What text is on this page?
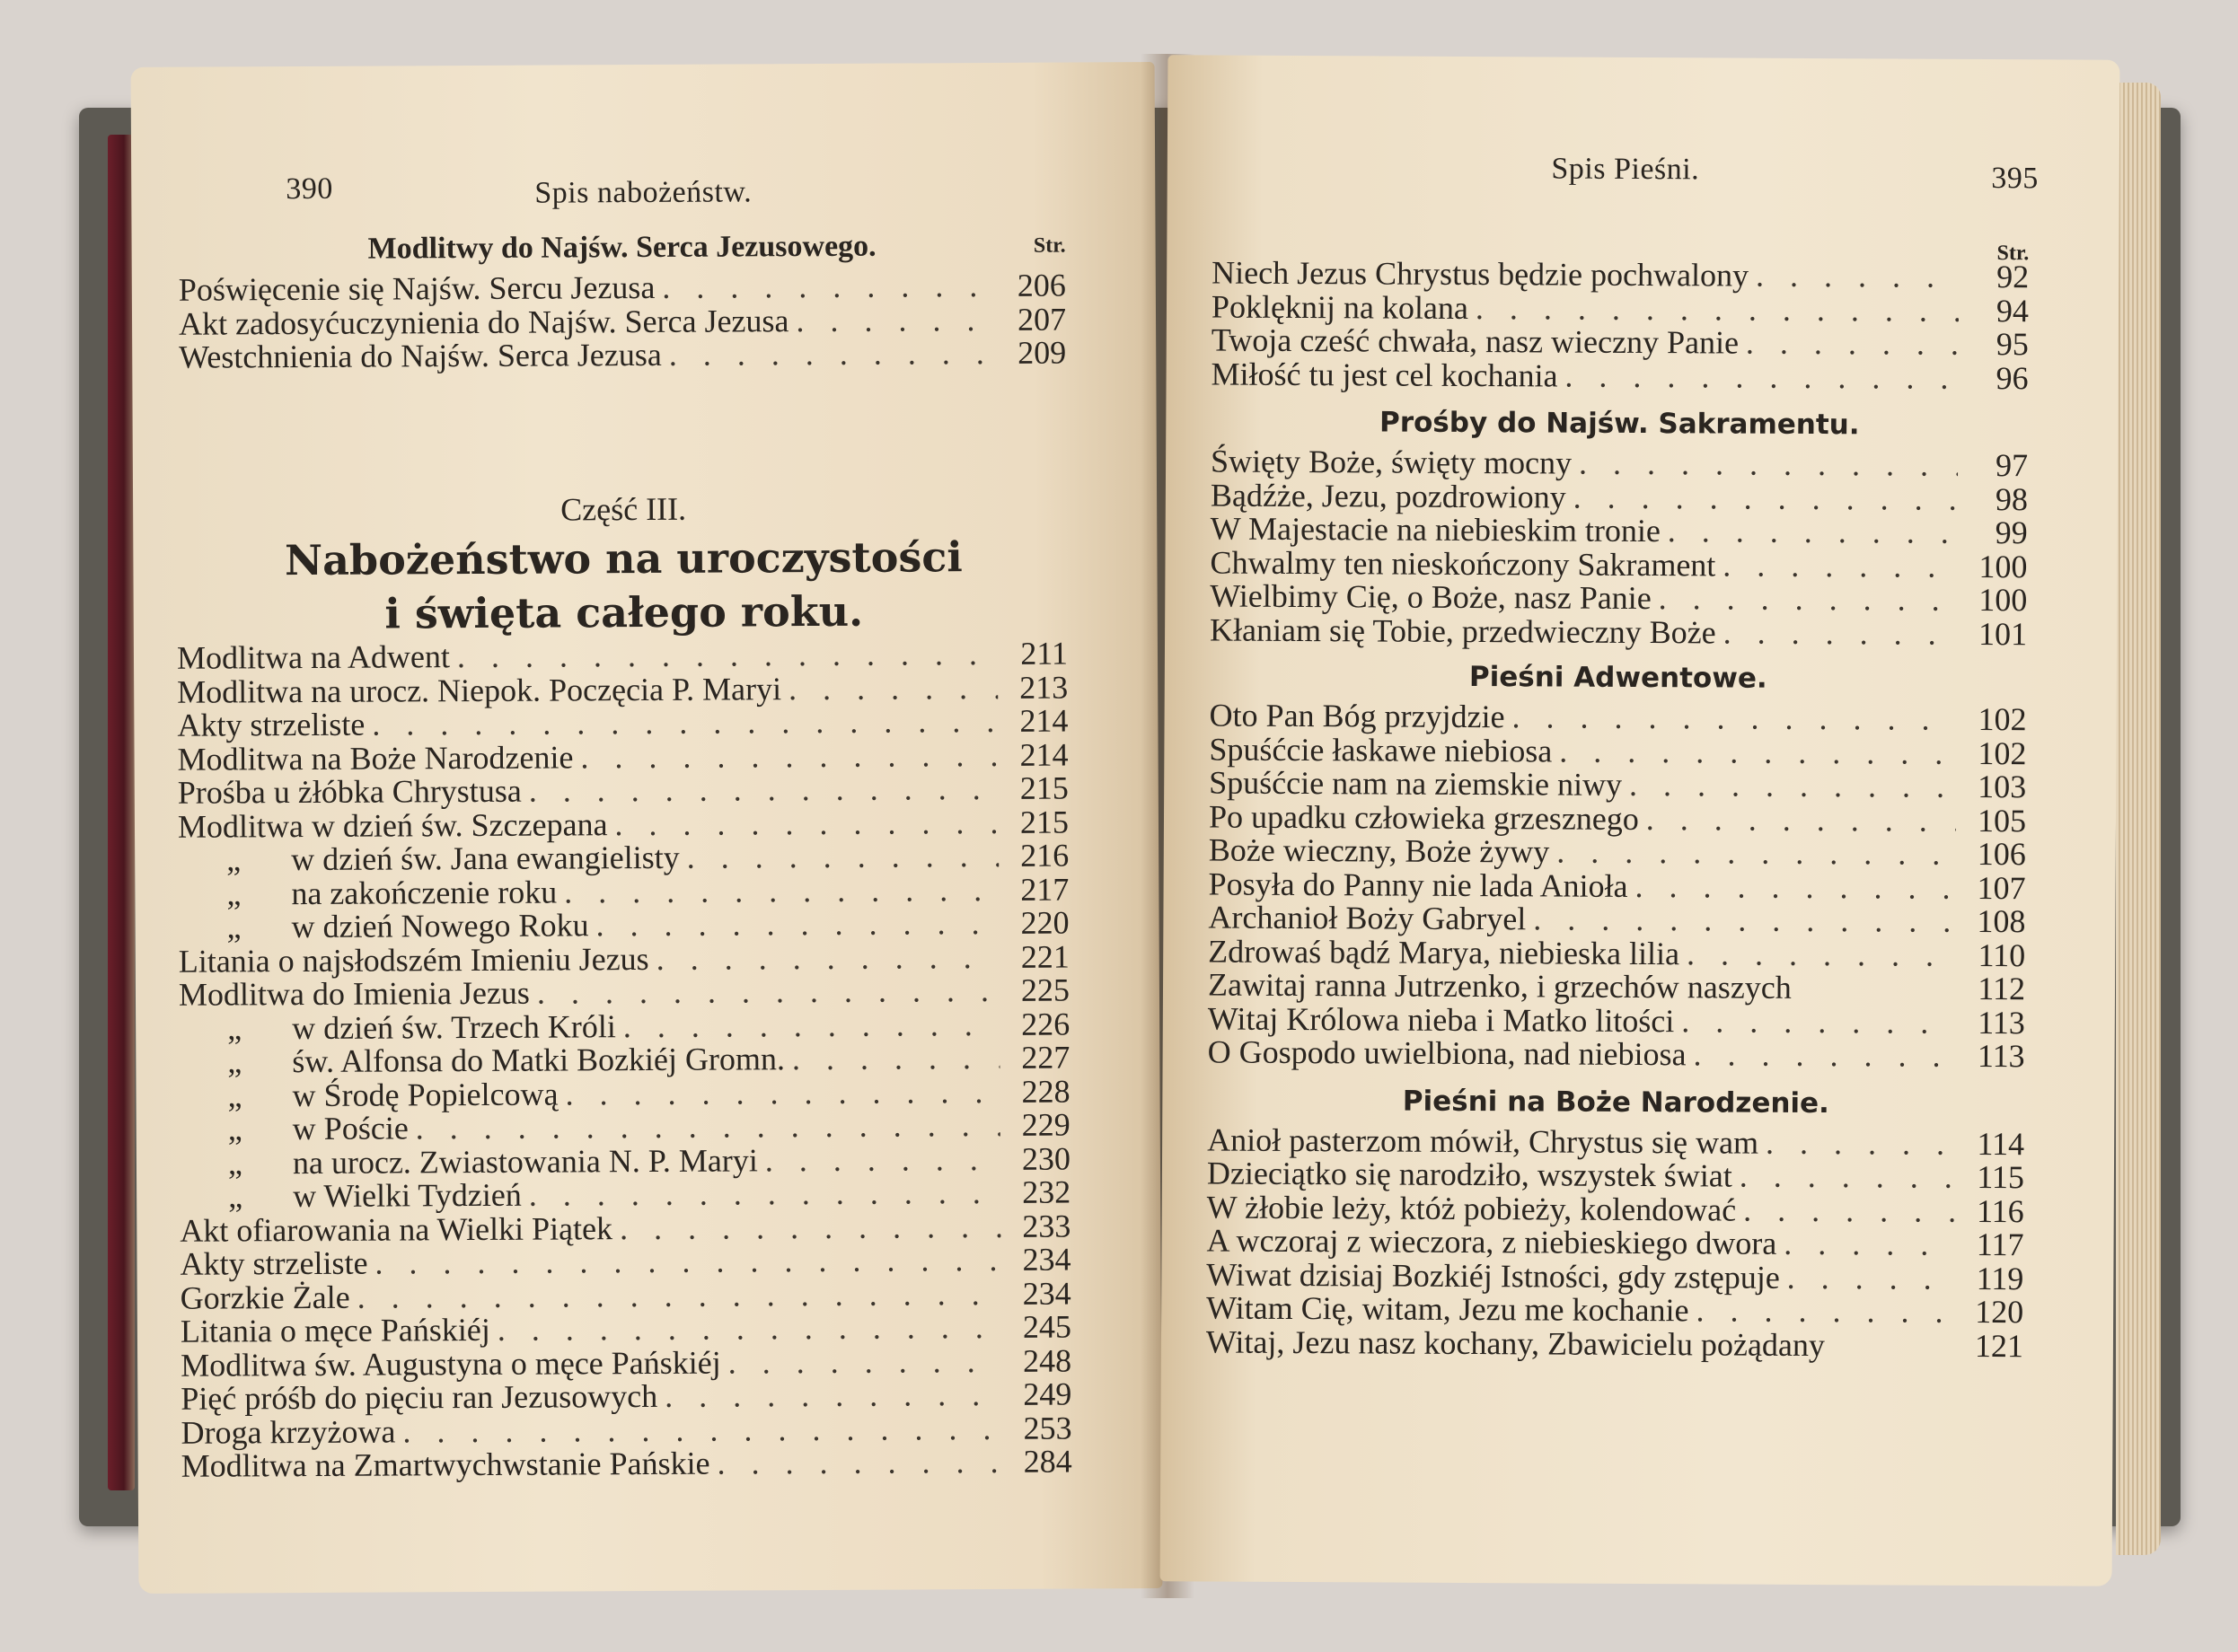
390	Spis nabożeństw.
Modlitwy do Najśw. Serca Jezusowego.	Str.
Poświęcenie się Najśw. Sercu Jezusa . . .	206
Akt zadosyćuczynienia do Najśw. Serca Jezusa . . .	207
Westchnienia do Najśw. Serca Jezusa . . .	209
Część III.
Nabożeństwo na uroczystości
i święta całego roku.
Modlitwa na Adwent . . .	211
Modlitwa na urocz. Niepok. Poczęcia P. Maryi . . .	213
Akty strzeliste . . .	214
Modlitwa na Boże Narodzenie . . .	214
Prośba u żłóbka Chrystusa . . .	215
Modlitwa w dzień św. Szczepana . . .	215
„	w dzień św. Jana ewangielisty . . .	216
„	na zakończenie roku . . .	217
„	w dzień Nowego Roku . . .	220
Litania o najsłodszém Imieniu Jezus . . .	221
Modlitwa do Imienia Jezus . . .	225
„	w dzień św. Trzech Króli . . .	226
„	św. Alfonsa do Matki Bozkiéj Gromn. . . .	227
„	w Środę Popielcową . . .	228
„	w Poście . . .	229
„	na urocz. Zwiastowania N. P. Maryi . . .	230
„	w Wielki Tydzień . . .	232
Akt ofiarowania na Wielki Piątek . . .	233
Akty strzeliste . . .	234
Gorzkie Żale . . .	234
Litania o męce Pańskiéj . . .	245
Modlitwa św. Augustyna o męce Pańskiéj . . .	248
Pięć próśb do pięciu ran Jezusowych . . .	249
Droga krzyżowa . . .	253
Modlitwa na Zmartwychwstanie Pańskie . . .	284
Spis Pieśni.	395
Str.
Niech Jezus Chrystus będzie pochwalony . . .	92
Poklęknij na kolana . . .	94
Twoja cześć chwała, nasz wieczny Panie . . .	95
Miłość tu jest cel kochania . . .	96
Prośby do Najśw. Sakramentu.
Święty Boże, święty mocny . . .	97
Bądźże, Jezu, pozdrowiony . . .	98
W Majestacie na niebieskim tronie . . .	99
Chwalmy ten nieskończony Sakrament . . .	100
Wielbimy Cię, o Boże, nasz Panie . . .	100
Kłaniam się Tobie, przedwieczny Boże . . .	101
Pieśni Adwentowe.
Oto Pan Bóg przyjdzie . . .	102
Spuśćcie łaskawe niebiosa . . .	102
Spuśćcie nam na ziemskie niwy . . .	103
Po upadku człowieka grzesznego . . .	105
Boże wieczny, Boże żywy . . .	106
Posyła do Panny nie lada Anioła . . .	107
Archanioł Boży Gabryel . . .	108
Zdrowaś bądź Marya, niebieska lilia . . .	110
Zawitaj ranna Jutrzenko, i grzechów naszych	112
Witaj Królowa nieba i Matko litości . . .	113
O Gospodo uwielbiona, nad niebiosa . . .	113
Pieśni na Boże Narodzenie.
Anioł pasterzom mówił, Chrystus się wam . . .	114
Dzieciątko się narodziło, wszystek świat . . .	115
W żłobie leży, któż pobieży, kolendować . . .	116
A wczoraj z wieczora, z niebieskiego dwora . . .	117
Wiwat dzisiaj Bozkiéj Istności, gdy zstępuje . . .	119
Witam Cię, witam, Jezu me kochanie . . .	120
Witaj, Jezu nasz kochany, Zbawicielu pożądany	121
